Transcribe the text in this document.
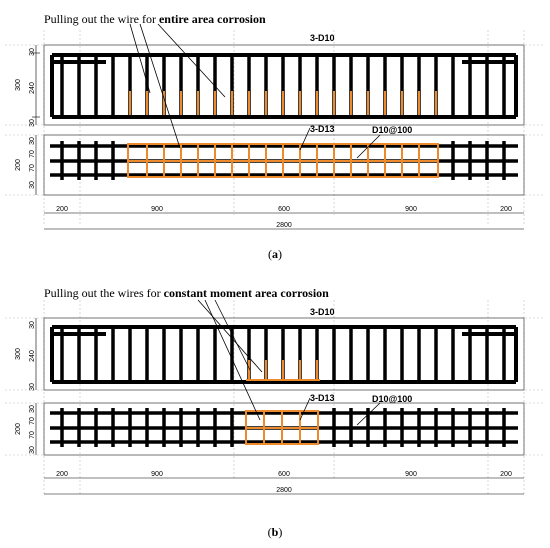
Pulling out the wire for entire area corrosion
3-D10
3-D13	D10@100
30
240
30
300
30
70
70
30
200
200	900	600	900	200
2800
(a)
Pulling out the wires for constant moment area corrosion
3-D10
3-D13	D10@100
30
240
30
300
30
70
70
30
200
200	900	600	900	200
2800
(b)
